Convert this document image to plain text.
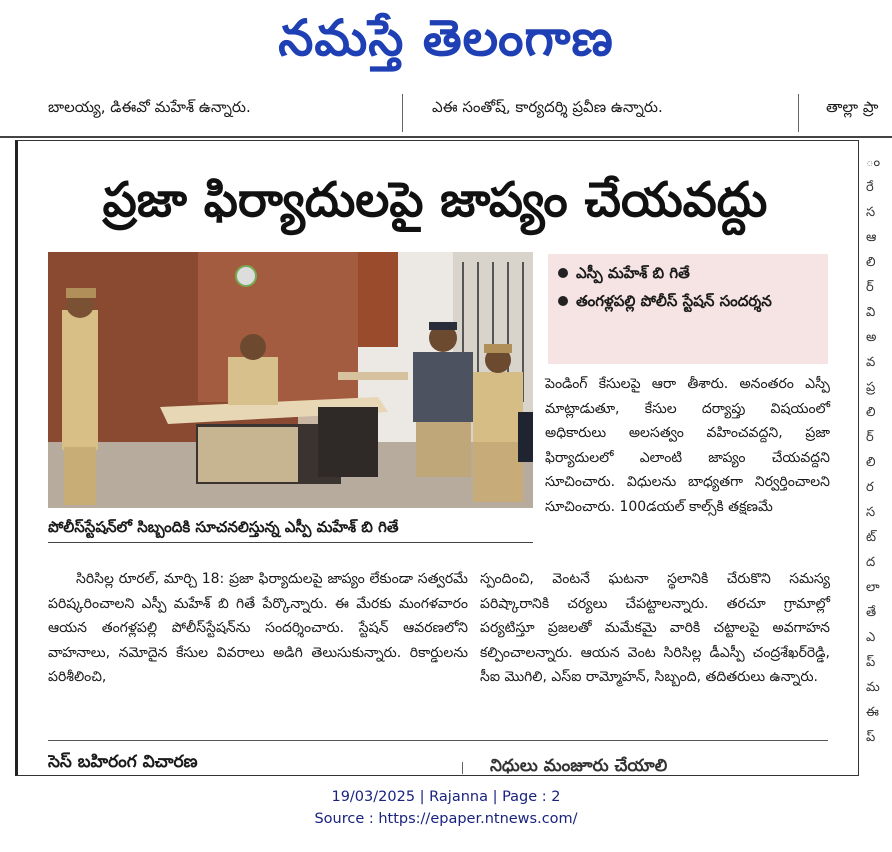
నమస్తే తెలంగాణ
బాలయ్య, డిఈవో మహేశ్ ఉన్నారు.	ఎఈ సంతోష్, కార్యదర్శి ప్రవీణ ఉన్నారు.	తాల్లా ప్రా
ప్రజా ఫిర్యాదులపై జాప్యం చేయవద్దు
పోలీస్‌స్టేషన్‌లో సిబ్బందికి సూచనలిస్తున్న ఎస్పీ మహేశ్ బి గితే
ఎస్పీ మహేశ్ బి గితే
తంగళ్లపల్లి పోలీస్ స్టేషన్ సందర్శన
పెండింగ్ కేసులపై ఆరా తీశారు. అనంతరం ఎస్పీ మాట్లాడుతూ, కేసుల దర్యాప్తు విషయంలో అధికారులు అలసత్వం వహించవద్దని, ప్రజా ఫిర్యాదులలో ఎలాంటి జాప్యం చేయవద్దని సూచించారు. విధులను బాధ్యతగా నిర్వర్తించాలని సూచించారు. 100డయల్ కాల్స్‌కి తక్షణమే
స్పందించి, వెంటనే ఘటనా స్థలానికి చేరుకొని సమస్య పరిష్కారానికి చర్యలు చేపట్టాలన్నారు. తరచూ గ్రామాల్లో పర్యటిస్తూ ప్రజలతో మమేకమై వారికి చట్టాలపై అవగాహన కల్పించాలన్నారు. ఆయన వెంట సిరిసిల్ల డీఎస్పీ చంద్రశేఖర్‌రెడ్డి, సీఐ మొగిలి, ఎస్ఐ రామ్మోహన్, సిబ్బంది, తదితరులు ఉన్నారు.
సిరిసిల్ల రూరల్, మార్చి 18: ప్రజా ఫిర్యాదులపై జాప్యం లేకుండా సత్వరమే పరిష్కరించాలని ఎస్పీ మహేశ్ బి గితే పేర్కొన్నారు. ఈ మేరకు మంగళవారం ఆయన తంగళ్లపల్లి పోలీస్‌స్టేషన్‌ను సందర్శించారు. స్టేషన్ ఆవరణలోని వాహనాలు, నమోదైన కేసుల వివరాలు అడిగి తెలుసుకున్నారు. రికార్డులను పరిశీలించి,
సెస్ బహిరంగ విచారణ	నిధులు మంజూరు చేయాలి
ం
రే
స
ఆ
లి
ర్
వి
అ
వ
ప్ర
లి
ర్
లి
ర
స
ట్
ద
లా
తే
ఎ
ప్
మ
ఈ
ప్
19/03/2025 | Rajanna | Page : 2
Source : https://epaper.ntnews.com/
